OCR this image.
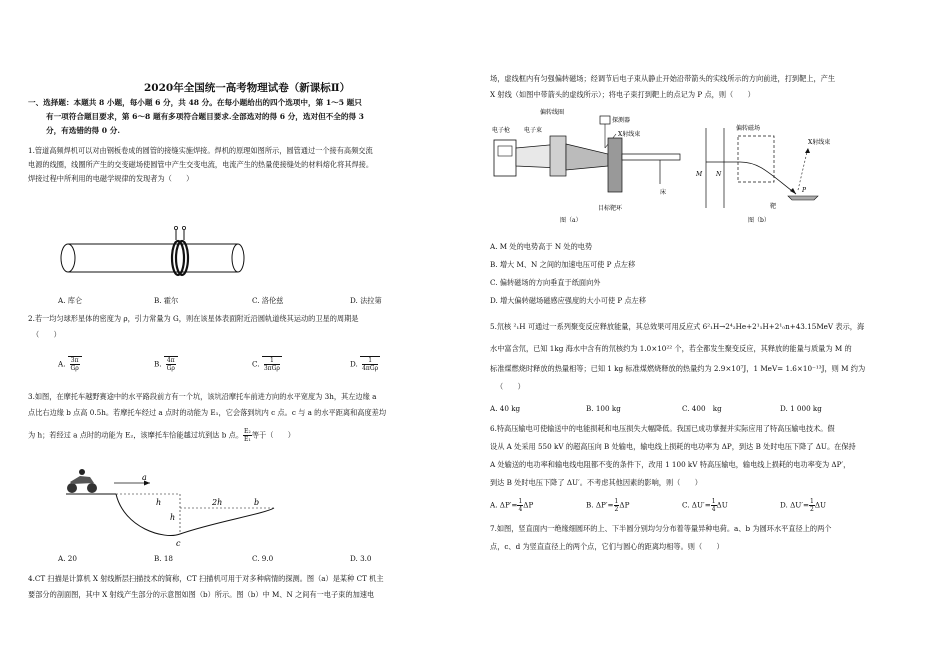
2020年全国统一高考物理试卷（新课标Ⅱ）
一、选择题：本题共 8 小题，每小题 6 分，共 48 分。在每小题给出的四个选项中，第 1～5 题只
有一项符合题目要求，第 6～8 题有多项符合题目要求.全部选对的得 6 分，选对但不全的得 3
分，有选错的得 0 分.
1.管道高频焊机可以对由钢板卷成的圆管的接缝实施焊接。焊机的原理如图所示，圆管通过一个接有高频交流
电源的线圈，线圈所产生的交变磁场使圆管中产生交变电流，电流产生的热量使接缝处的材料熔化将其焊接。
焊接过程中所利用的电磁学规律的发现者为（　　）
A. 库仑	B. 霍尔	C. 洛伦兹	D. 法拉第
2.若一均匀球形星体的密度为 ρ，引力常量为 G，则在该星体表面附近沿圆轨道绕其运动的卫星的周期是
（　　）
A. $\frac{3\pi}{G\rho}$	B. $\frac{4\pi}{G\rho}$	C. $\frac{1}{\text{3πGρ}}$	D. $\frac{1}{\text{4πGρ}}$
3.如图，在摩托车越野赛途中的水平路段前方有一个坑，该坑沿摩托车前进方向的水平宽度为 3h，其左边缘 a
点比右边缘 b 点高 0.5h。若摩托车经过 a 点时的动能为 E₁，它会落到坑内 c 点。c 与 a 的水平距离和高度差均
为 h；若经过 a 点时的动能为 E₂，该摩托车恰能越过坑到达 b 点。 $\frac{\text{E₂}}{\text{E₁}}$ 等于（　　）
a
h
h
2h	b
c
A. 20	B. 18	C. 9.0	D. 3.0
4.CT 扫描是计算机 X 射线断层扫描技术的简称，CT 扫描机可用于对多种病情的探测。图（a）是某种 CT 机主
要部分的剖面图，其中 X 射线产生部分的示意图如图（b）所示。图（b）中 M、N 之间有一电子束的加速电
场，虚线框内有匀强偏转磁场；经调节后电子束从静止开始沿带箭头的实线所示的方向前进，打到靶上，产生
X 射线（如图中带箭头的虚线所示）；将电子束打到靶上的点记为 P 点，则（　　）
偏转线圈
探测器
电子枪 电子束
X射线束
床
目标靶环
图（a）
偏转磁场
X射线束
M N
P
靶
图（b）
A. M 处的电势高于 N 处的电势
B. 增大 M、N 之间的加速电压可使 P 点左移
C. 偏转磁场的方向垂直于纸面向外
D. 增大偏转磁场磁感应强度的大小可使 P 点左移
5.氘核 ²₁H 可通过一系列聚变反应释放能量，其总效果可用反应式 6²₁H→2⁴₂He+2¹₁H+2¹₀n+43.15MeV 表示，海
水中富含氘，已知 1kg 海水中含有的氘核约为 1.0×10²² 个，若全都发生聚变反应，其释放的能量与质量为 M 的
标准煤燃烧时释放的热量相等；已知 1 kg 标准煤燃烧释放的热量约为 2.9×10⁷J，1 MeV= 1.6×10⁻¹³J，则 M 约为
（　　）
A. 40 kg	B. 100 kg	C. 400　kg	D. 1 000 kg
6.特高压输电可使输送中的电能损耗和电压损失大幅降低。我国已成功掌握并实际应用了特高压输电技术。假
设从 A 处采用 550 kV 的超高压向 B 处输电，输电线上损耗的电功率为 ΔP，到达 B 处时电压下降了 ΔU。在保持
A 处输送的电功率和输电线电阻都不变的条件下，改用 1 100 kV 特高压输电，输电线上损耗的电功率变为 ΔP′，
到达 B 处时电压下降了 ΔU′。不考虑其他因素的影响，则（　　）
A. $\Delta P'= \frac{1}{4}$ ΔP	B. $\Delta P'= \frac{1}{2}$ ΔP	C. $\Delta U'= \frac{1}{4}$ ΔU	D. $\Delta U'= \frac{1}{2}$ ΔU
7.如图，竖直面内一绝缘细圆环的上、下半圆分别均匀分布着等量异种电荷。a、b 为圆环水平直径上的两个
点，c、d 为竖直直径上的两个点，它们与圆心的距离均相等。则（　　）
